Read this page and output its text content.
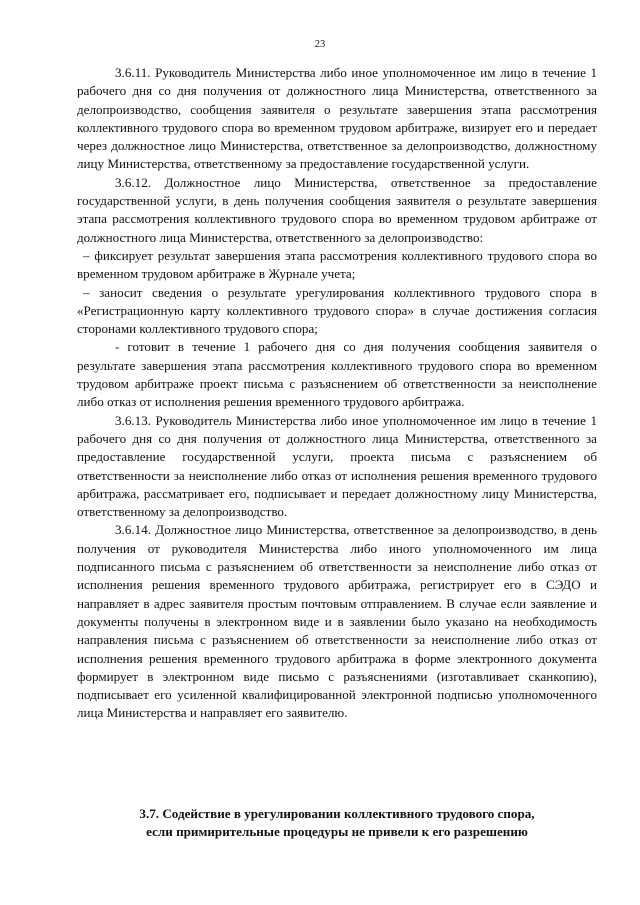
23

3.6.11. Руководитель Министерства либо иное уполномоченное им лицо в течение 1 рабочего дня со дня получения от должностного лица Министерства, ответственного за делопроизводство, сообщения заявителя о результате завершения этапа рассмотрения коллективного трудового спора во временном трудовом арбитраже, визирует его и передает через должностное лицо Министерства, ответственное за делопроизводство, должностному лицу Министерства, ответственному за предоставление государственной услуги.

3.6.12. Должностное лицо Министерства, ответственное за предоставление государственной услуги, в день получения сообщения заявителя о результате завершения этапа рассмотрения коллективного трудового спора во временном трудовом арбитраже от должностного лица Министерства, ответственного за делопроизводство:

– фиксирует результат завершения этапа рассмотрения коллективного трудового спора во временном трудовом арбитраже в Журнале учета;

– заносит сведения о результате урегулирования коллективного трудового спора в «Регистрационную карту коллективного трудового спора» в случае достижения согласия сторонами коллективного трудового спора;

- готовит в течение 1 рабочего дня со дня получения сообщения заявителя о результате завершения этапа рассмотрения коллективного трудового спора во временном трудовом арбитраже проект письма с разъяснением об ответственности за неисполнение либо отказ от исполнения решения временного трудового арбитража.

3.6.13. Руководитель Министерства либо иное уполномоченное им лицо в течение 1 рабочего дня со дня получения от должностного лица Министерства, ответственного за предоставление государственной услуги, проекта письма с разъяснением об ответственности за неисполнение либо отказ от исполнения решения временного трудового арбитража, рассматривает его, подписывает и передает должностному лицу Министерства, ответственному за делопроизводство.

3.6.14. Должностное лицо Министерства, ответственное за делопроизводство, в день получения от руководителя Министерства либо иного уполномоченного им лица подписанного письма с разъяснением об ответственности за неисполнение либо отказ от исполнения решения временного трудового арбитража, регистрирует его в СЭДО и направляет в адрес заявителя простым почтовым отправлением. В случае если заявление и документы получены в электронном виде и в заявлении было указано на необходимость направления письма с разъяснением об ответственности за неисполнение либо отказ от исполнения решения временного трудового арбитража в форме электронного документа формирует в электронном виде письмо с разъяснениями (изготавливает сканкопию), подписывает его усиленной квалифицированной электронной подписью уполномоченного лица Министерства и направляет его заявителю.

3.7. Содействие в урегулировании коллективного трудового спора,
если примирительные процедуры не привели к его разрешению
